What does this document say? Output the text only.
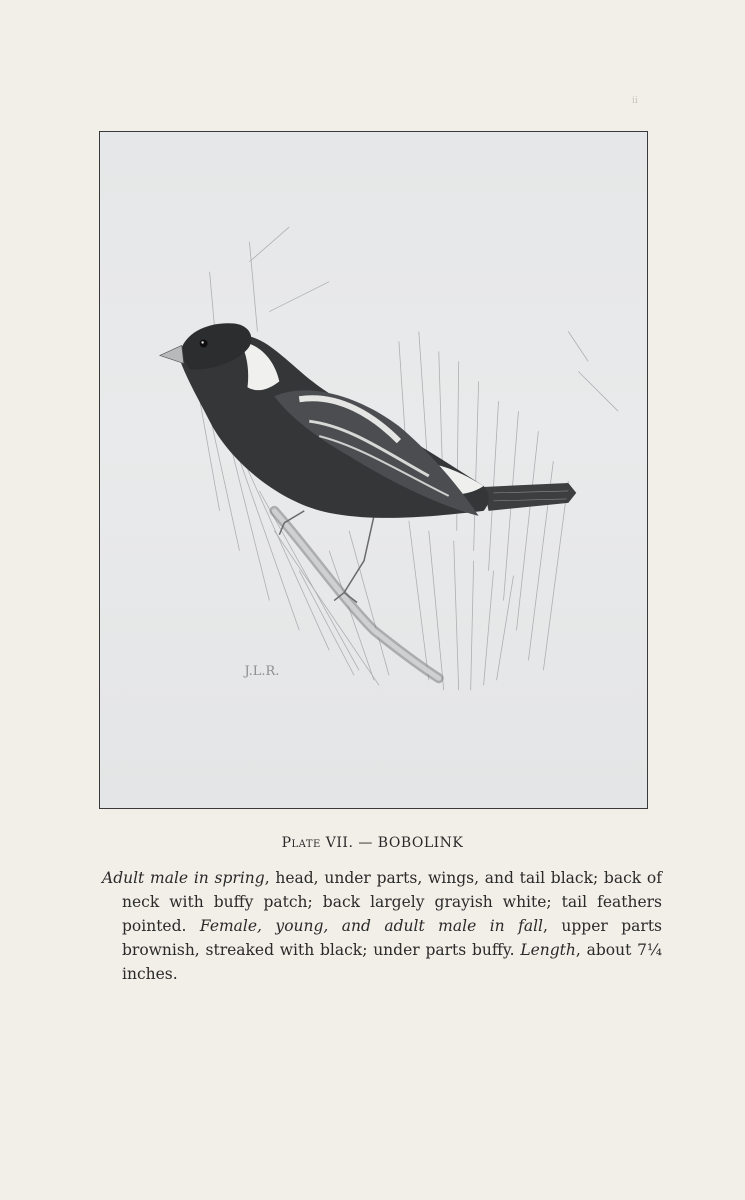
ii
J.L.R.
Plate VII. — BOBOLINK

Adult male in spring, head, under parts, wings, and tail black; back of neck with buffy patch; back largely grayish white; tail feathers pointed. Female, young, and adult male in fall, upper parts brownish, streaked with black; under parts buffy. Length, about 7¼ inches.
